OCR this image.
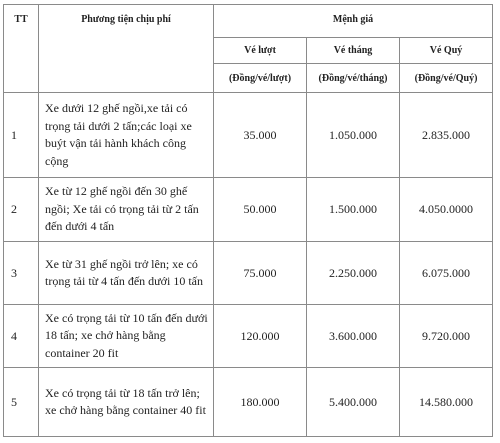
TT	Phương tiện chịu phí	Mệnh giá		
		Vé lượt	Vé tháng	Vé Quý
		(Đồng/vé/lượt)	(Đồng/vé/tháng)	(Đồng/vé/Quý)
1	Xe dưới 12 ghế ngồi,xe tải có trọng tải dưới 2 tấn;các loại xe buýt vận tải hành khách công cộng	35.000	1.050.000	2.835.000
2	Xe từ 12 ghế ngồi đến 30 ghế ngồi; Xe tải có trọng tải từ 2 tấn đến dưới 4 tấn	50.000	1.500.000	4.050.0000
3	Xe từ 31 ghế ngồi trở lên; xe có trọng tải từ 4 tấn đến dưới 10 tấn	75.000	2.250.000	6.075.000
4	Xe có trọng tải từ 10 tấn đến dưới 18 tấn; xe chở hàng bằng container 20 fit	120.000	3.600.000	9.720.000
5	Xe có trọng tải từ 18 tấn trở lên; xe chở hàng bằng container 40 fit	180.000	5.400.000	14.580.000
